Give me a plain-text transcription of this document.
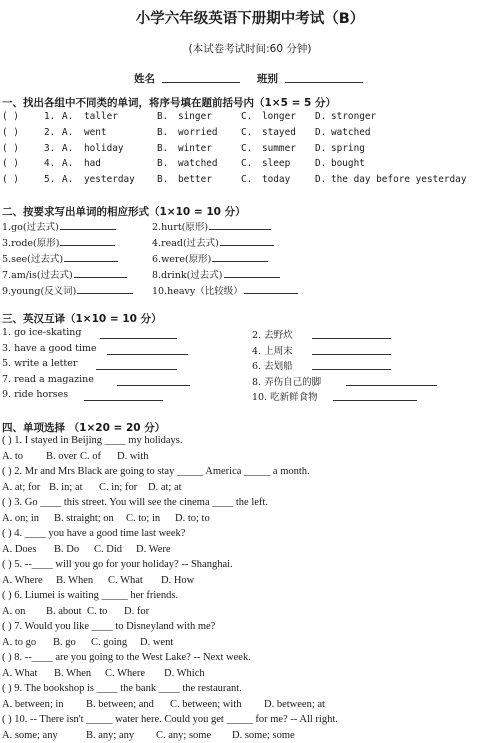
小学六年级英语下册期中考试（B）
(本试卷考试时间:60 分钟)
姓名	班别
一、找出各组中不同类的单词，将序号填在题前括号内（1×5 = 5 分）
( )	1. A. taller	B. singer	C. longer D. stronger
( )	2. A. went	B. worried C. stayed D. watched
( )	3. A. holiday	B. winter	C. summer D. spring
( )	4. A. had	B. watched C. sleep	D. bought
( )	5. A. yesterday B. better	C. today	D. the day before yesterday
二、按要求写出单词的相应形式（1×10 = 10 分）
1.go(过去式)	2.hurt(原形)
3.rode(原形)	4.read(过去式)
5.see(过去式)	6.were(原形)
7.am/is(过去式)	8.drink(过去式)
9.young(反义词)	10.heavy（比较级）
三、英汉互译（1×10 = 10 分）
1. go ice-skating	2. 去野炊
3. have a good time	4. 上周末
5. write a letter	6. 去划船
7. read a magazine	8. 弄伤自己的脚
9. ride horses	10. 吃新鲜食物
四、单项选择 （1×20 = 20 分）
( ) 1. I stayed in Beijing ____ my holidays.
A. to B. over C. of D. with
( ) 2. Mr and Mrs Black are going to stay _____ America _____ a month.
A. at; for B. in; at C. in; for D. at; at
( ) 3. Go ____ this street. You will see the cinema ____ the left.
A. on; in B. straight; on C. to; in D. to; to
( ) 4. ____ you have a good time last week?
A. Does B. Do C. Did D. Were
( ) 5. --____ will you go for your holiday? -- Shanghai.
A. Where B. When C. What D. How
( ) 6. Liumei is waiting _____ her friends.
A. on B. about C. to D. for
( ) 7. Would you like ____ to Disneyland with me?
A. to go B. go C. going D. went
( ) 8. --____ are you going to the West Lake? -- Next week.
A. What B. When C. Where D. Which
( ) 9. The bookshop is ____ the bank ____ the restaurant.
A. between; in B. between; and C. between; with D. between; at
( ) 10. -- There isn't _____ water here. Could you get _____ for me? -- All right.
A. some; any	B. any; any C. any; some D. some; some
